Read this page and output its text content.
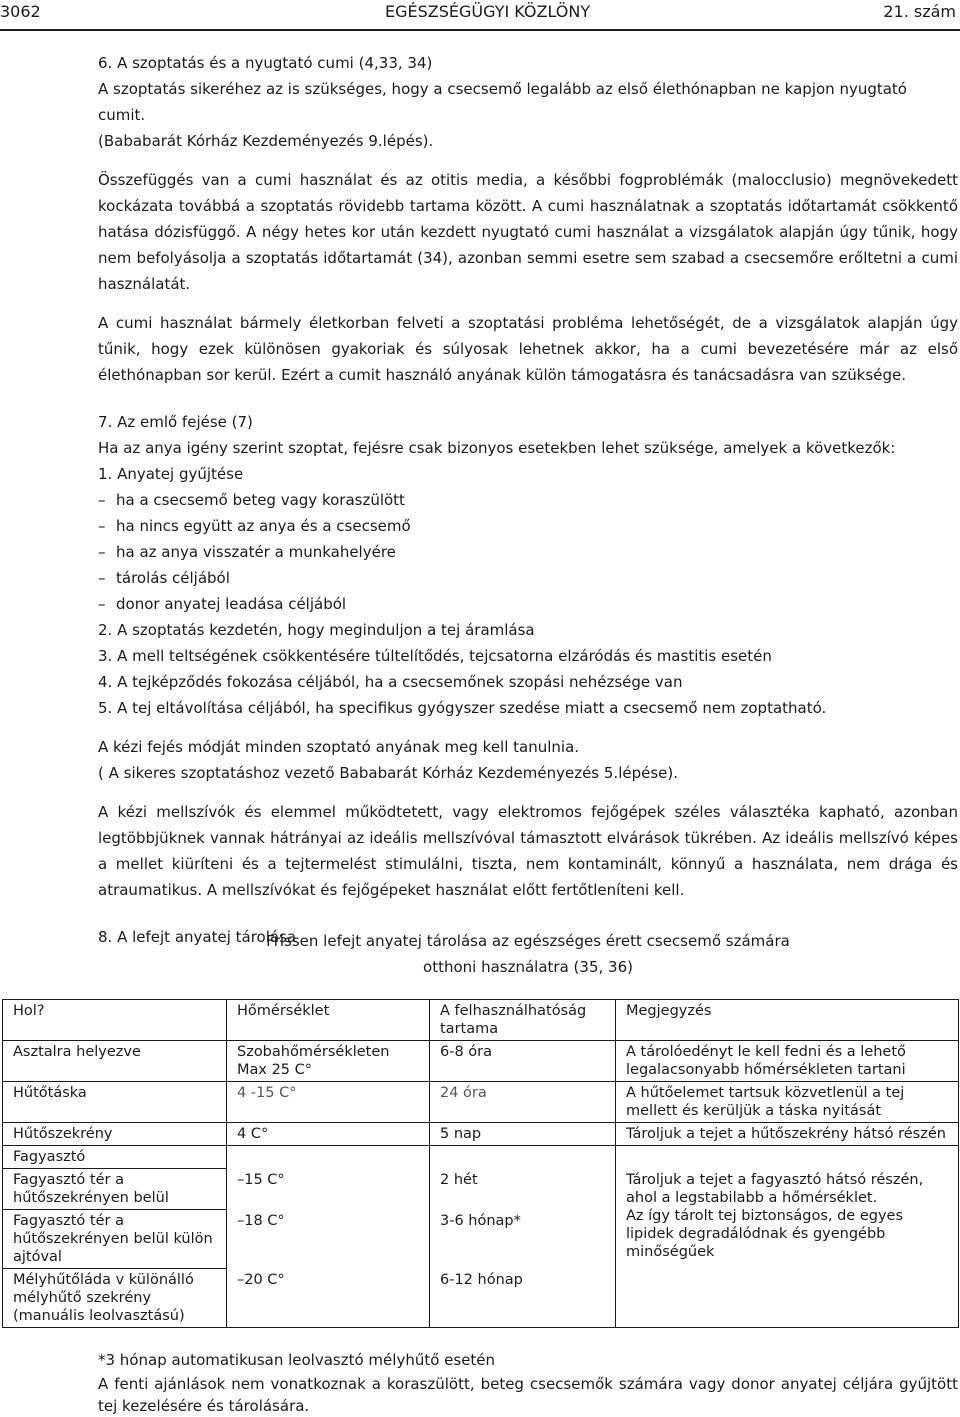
3062	EGÉSZSÉGÜGYI KÖZLÖNY	21. szám

6. A szoptatás és a nyugtató cumi (4,33, 34)

A szoptatás sikeréhez az is szükséges, hogy a csecsemő legalább az első élethónapban ne kapjon nyugtató cumit.

(Bababarát Kórház Kezdeményezés 9.lépés).

Összefüggés van a cumi használat és az otitis media, a későbbi fogproblémák (malocclusio) megnövekedett kockázata továbbá a szoptatás rövidebb tartama között. A cumi használatnak a szoptatás időtartamát csökkentő hatása dózisfüggő. A négy hetes kor után kezdett nyugtató cumi használat a vizsgálatok alapján úgy tűnik, hogy nem befolyásolja a szoptatás időtartamát (34), azonban semmi esetre sem szabad a csecsemőre erőltetni a cumi használatát.

A cumi használat bármely életkorban felveti a szoptatási probléma lehetőségét, de a vizsgálatok alapján úgy tűnik, hogy ezek különösen gyakoriak és súlyosak lehetnek akkor, ha a cumi bevezetésére már az első élethónapban sor kerül. Ezért a cumit használó anyának külön támogatásra és tanácsadásra van szüksége.

7. Az emlő fejése (7)

Ha az anya igény szerint szoptat, fejésre csak bizonyos esetekben lehet szüksége, amelyek a következők:

1. Anyatej gyűjtése

– ha a csecsemő beteg vagy koraszülött

– ha nincs együtt az anya és a csecsemő

– ha az anya visszatér a munkahelyére

– tárolás céljából

– donor anyatej leadása céljából

2. A szoptatás kezdetén, hogy meginduljon a tej áramlása

3. A mell teltségének csökkentésére túltelítődés, tejcsatorna elzáródás és mastitis esetén

4. A tejképződés fokozása céljából, ha a csecsemőnek szopási nehézsége van

5. A tej eltávolítása céljából, ha specifikus gyógyszer szedése miatt a csecsemő nem zoptatható.

A kézi fejés módját minden szoptató anyának meg kell tanulnia.

( A sikeres szoptatáshoz vezető Bababarát Kórház Kezdeményezés 5.lépése).

A kézi mellszívók és elemmel működtetett, vagy elektromos fejőgépek széles választéka kapható, azonban legtöbbjüknek vannak hátrányai az ideális mellszívóval támasztott elvárások tükrében. Az ideális mellszívó képes a mellet kiüríteni és a tejtermelést stimulálni, tiszta, nem kontaminált, könnyű a használata, nem drága és atraumatikus. A mellszívókat és fejőgépeket használat előtt fertőtleníteni kell.

8. A lefejt anyatej tárolása

Frissen lefejt anyatej tárolása az egészséges érett csecsemő számára
otthoni használatra (35, 36)
Hol?	Hőmérséklet	A felhasználhatóság tartama	Megjegyzés
Asztalra helyezve	Szobahőmérsékleten Max 25 C°	6-8 óra	A tárolóedényt le kell fedni és a lehető legalacsonyabb hőmérsékleten tartani
Hűtőtáska	4 -15 C°	24 óra	A hűtőelemet tartsuk közvetlenül a tej mellett és kerüljük a táska nyitását
Hűtőszekrény	4 C°	5 nap	Tároljuk a tejet a hűtőszekrény hátsó részén
Fagyasztó			
Fagyasztó tér a hűtőszekrényen belül	–15 C°	2 hét	Tároljuk a tejet a fagyasztó hátsó részén, ahol a legstabilabb a hőmérséklet.
Az így tárolt tej biztonságos, de egyes lipidek degradálódnak és gyengébb minőségűek

Fagyasztó tér a hűtőszekrényen belül külön ajtóval	–18 C°	3-6 hónap*	
Mélyhűtőláda v különálló mélyhűtő szekrény (manuális leolvasztású)	–20 C°	6-12 hónap	
*3 hónap automatikusan leolvasztó mélyhűtő esetén
A fenti ajánlások nem vonatkoznak a koraszülött, beteg csecsemők számára vagy donor anyatej céljára gyűjtött tej kezelésére és tárolására.
